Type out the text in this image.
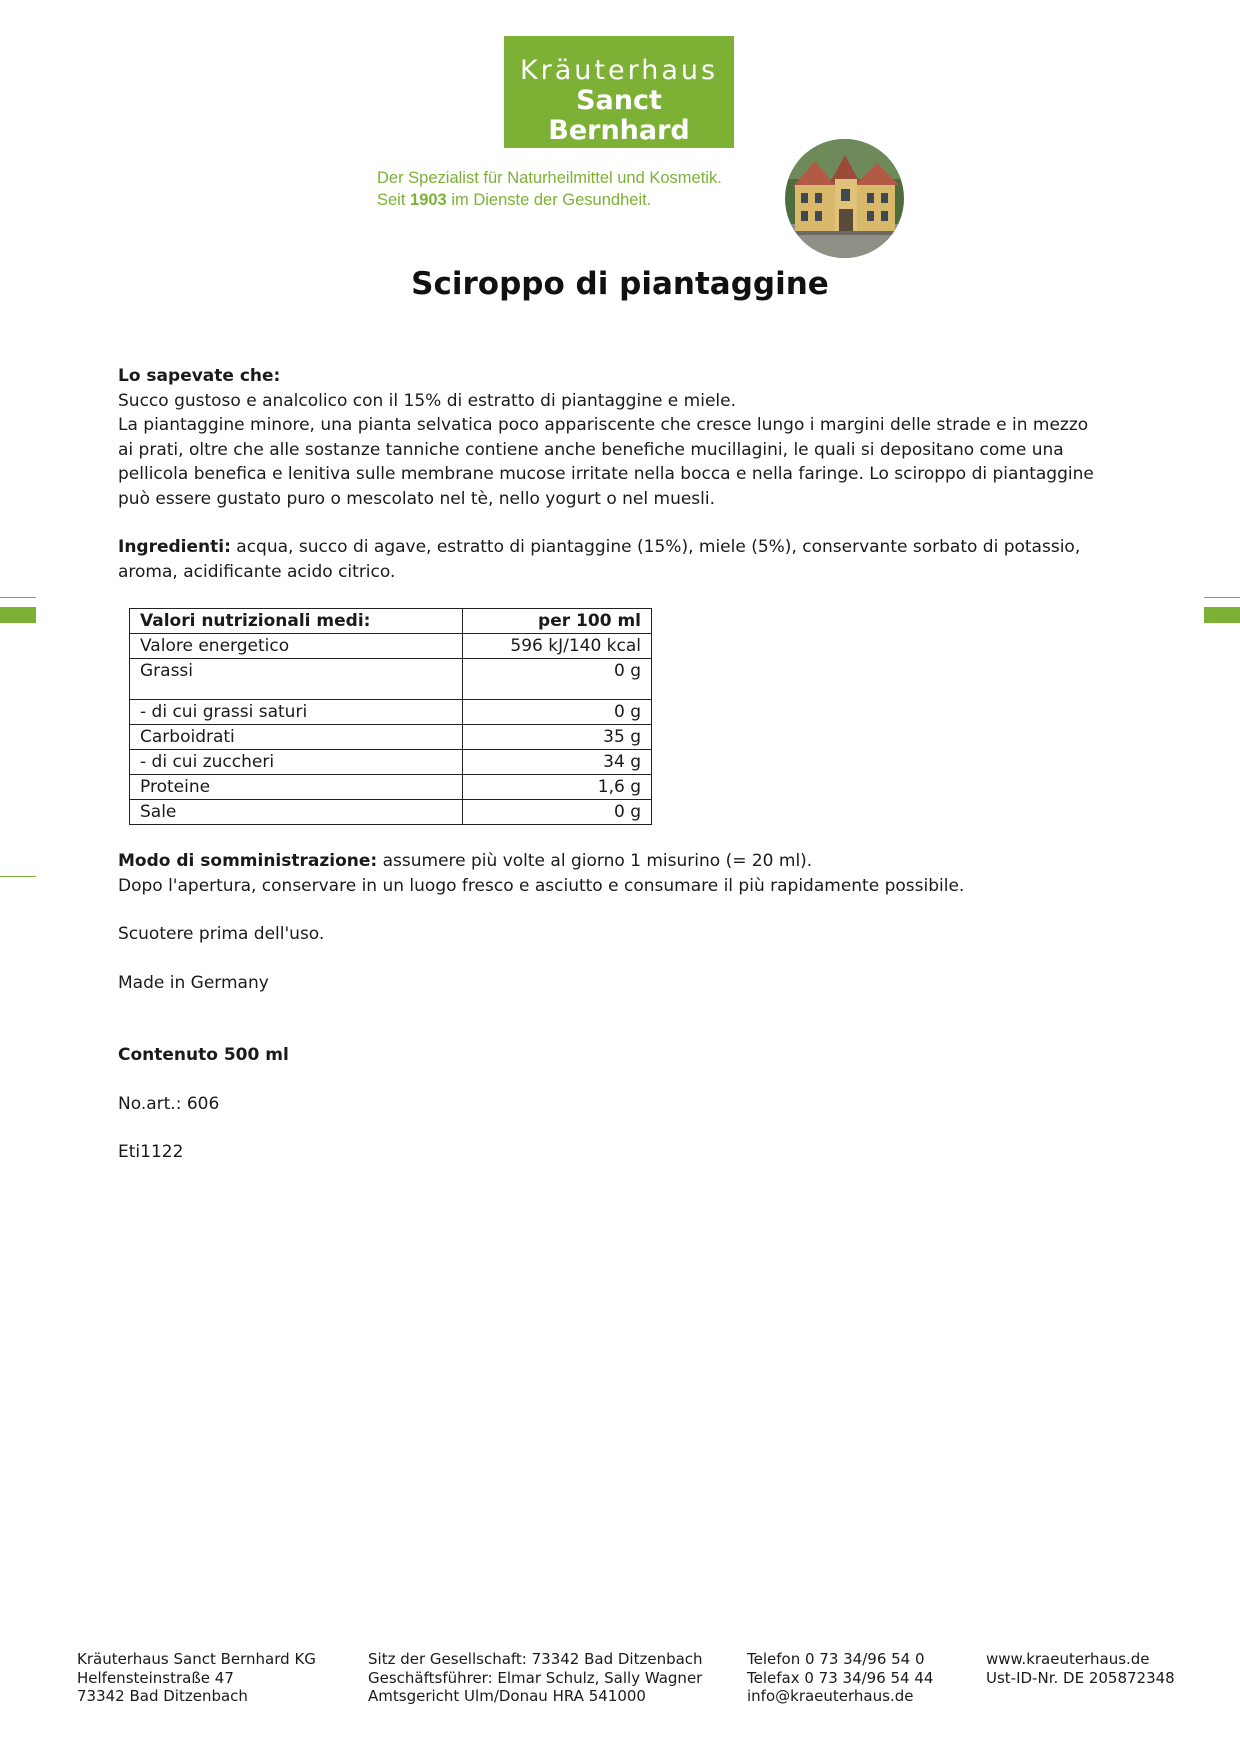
Kräuterhaus
Sanct Bernhard
Der Spezialist für Naturheilmittel und Kosmetik.
Seit 1903 im Dienste der Gesundheit.
Sciroppo di piantaggine

Lo sapevate che:

Succo gustoso e analcolico con il 15% di estratto di piantaggine e miele.

La piantaggine minore, una pianta selvatica poco appariscente che cresce lungo i margini delle strade e in mezzo ai prati, oltre che alle sostanze tanniche contiene anche benefiche mucillagini, le quali si depositano come una pellicola benefica e lenitiva sulle membrane mucose irritate nella bocca e nella faringe. Lo sciroppo di piantaggine può essere gustato puro o mescolato nel tè, nello yogurt o nel muesli.

Ingredienti: acqua, succo di agave, estratto di piantaggine (15%), miele (5%), conservante sorbato di potassio, aroma, acidificante acido citrico.

Valori nutrizionali medi:	per 100 ml
Valore energetico	596 kJ/140 kcal
Grassi	0 g
- di cui grassi saturi	0 g
Carboidrati	35 g
- di cui zuccheri	34 g
Proteine	1,6 g
Sale	0 g

Modo di somministrazione: assumere più volte al giorno 1 misurino (= 20 ml).

Dopo l'apertura, conservare in un luogo fresco e asciutto e consumare il più rapidamente possibile.

Scuotere prima dell'uso.

Made in Germany

Contenuto 500 ml

No.art.: 606

Eti1122

Kräuterhaus Sanct Bernhard KG
Helfensteinstraße 47
73342 Bad Ditzenbach
Sitz der Gesellschaft: 73342 Bad Ditzenbach
Geschäftsführer: Elmar Schulz, Sally Wagner
Amtsgericht Ulm/Donau HRA 541000
Telefon 0 73 34/96 54 0
Telefax 0 73 34/96 54 44
info@kraeuterhaus.de
www.kraeuterhaus.de
Ust-ID-Nr. DE 205872348
